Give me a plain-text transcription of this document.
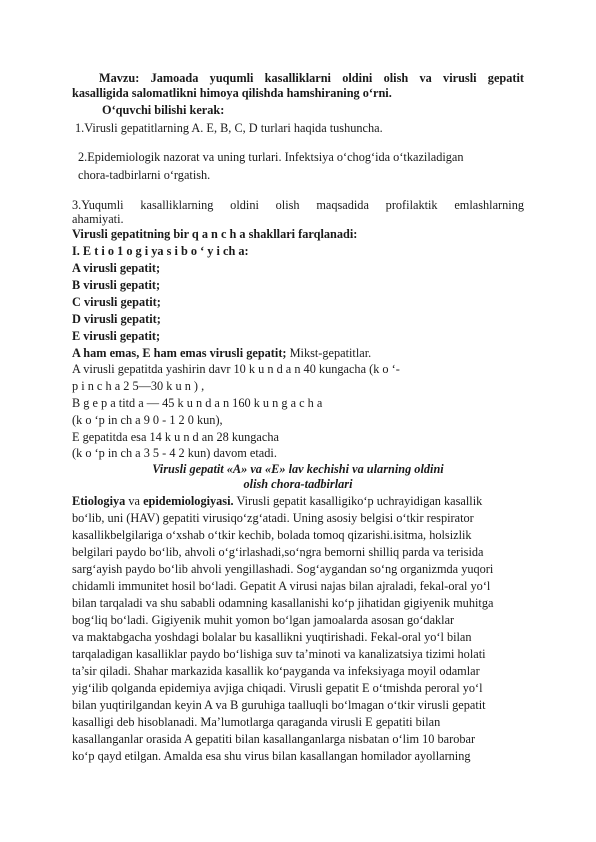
Mavzu: Jamoada yuqumli kasalliklarni oldini olish va virusli gepatit
kasalligida salomatlikni himoya qilishda hamshiraning o‘rni.
O‘quvchi bilishi kerak:
1.Virusli gepatitlarning A. E, B, C, D turlari haqida tushuncha.
2.Epidemiologik nazorat va uning turlari. Infektsiya o‘chog‘ida o‘tkaziladigan
chora-tadbirlarni o‘rgatish.
3.Yuqumli kasalliklarning oldini olish maqsadida profilaktik emlashlarning
ahamiyati.
Virusli gepatitning bir q a n c h a shakllari farqlanadi:
I. E t i o 1 o g i ya s i b o ‘ y i ch a:
A virusli gepatit;
B virusli gepatit;
C virusli gepatit;
D virusli gepatit;
E virusli gepatit;
A ham emas, E ham emas virusli gepatit; Mikst-gepatitlar.
A virusli gepatitda yashirin davr 10 k u n d a n 40 kungacha (k o ‘-
p i n c h a 2 5—30 k u n ) ,
B g e p a titd a — 45 k u n d a n 160 k u n g a c h a
(k o ‘p in ch a 9 0 - 1 2 0 kun),
E gepatitda esa 14 k u n d an 28 kungacha
(k o ‘p in ch a 3 5 - 4 2 kun) davom etadi.
Virusli gepatit «A» va «E» lav kechishi va ularning oldini
olish chora-tadbirlari
Etiologiya va epidemiologiyasi. Virusli gepatit kasalligiko‘p uchrayidigan kasallik
bo‘lib, uni (HAV) gepatiti virusiqo‘zg‘atadi. Uning asosiy belgisi o‘tkir respirator
kasallikbelgilariga o‘xshab o‘tkir kechib, bolada tomoq qizarishi.isitma, holsizlik
belgilari paydo bo‘lib, ahvoli o‘g‘irlashadi,so‘ngra bemorni shilliq parda va terisida
sarg‘ayish paydo bo‘lib ahvoli yengillashadi. Sog‘aygandan so‘ng organizmda yuqori
chidamli immunitet hosil bo‘ladi. Gepatit A virusi najas bilan ajraladi, fekal-oral yo‘l
bilan tarqaladi va shu sababli odamning kasallanishi ko‘p jihatidan gigiyenik muhitga
bog‘liq bo‘ladi. Gigiyenik muhit yomon bo‘lgan jamoalarda asosan go‘daklar
va maktabgacha yoshdagi bolalar bu kasallikni yuqtirishadi. Fekal-oral yo‘l bilan
tarqaladigan kasalliklar paydo bo‘lishiga suv ta’minoti va kanalizatsiya tizimi holati
ta’sir qiladi. Shahar markazida kasallik ko‘payganda va infeksiyaga moyil odamlar
yig‘ilib qolganda epidemiya avjiga chiqadi. Virusli gepatit E o‘tmishda peroral yo‘l
bilan yuqtirilgandan keyin A va B guruhiga taalluqli bo‘lmagan o‘tkir virusli gepatit
kasalligi deb hisoblanadi. Ma’lumotlarga qaraganda virusli E gepatiti bilan
kasallanganlar orasida A gepatiti bilan kasallanganlarga nisbatan o‘lim 10 barobar
ko‘p qayd etilgan. Amalda esa shu virus bilan kasallangan homilador ayollarning
